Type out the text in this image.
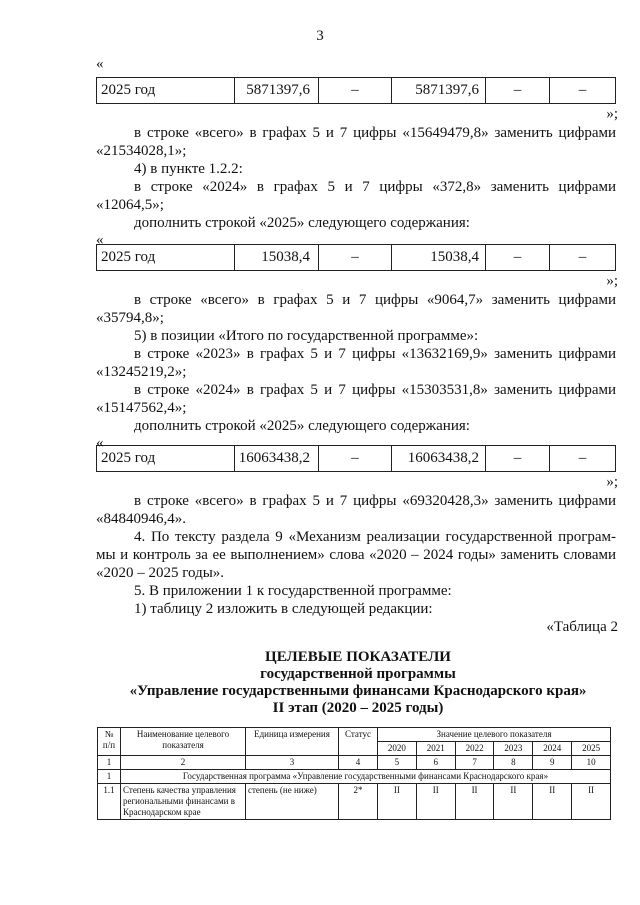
3
«
2025 год	5871397,6	–	5871397,6	–	–
»;
в строке «всего» в графах 5 и 7 цифры «15649479,8» заменить цифрами
«21534028,1»;
4) в пункте 1.2.2:
в строке «2024» в графах 5 и 7 цифры «372,8» заменить цифрами
«12064,5»;
дополнить строкой «2025» следующего содержания:
«
2025 год	15038,4	–	15038,4	–	–
»;
в строке «всего» в графах 5 и 7 цифры «9064,7» заменить цифрами
«35794,8»;
5) в позиции «Итого по государственной программе»:
в строке «2023» в графах 5 и 7 цифры «13632169,9» заменить цифрами
«13245219,2»;
в строке «2024» в графах 5 и 7 цифры «15303531,8» заменить цифрами
«15147562,4»;
дополнить строкой «2025» следующего содержания:
«
2025 год	16063438,2	–	16063438,2	–	–
»;
в строке «всего» в графах 5 и 7 цифры «69320428,3» заменить цифрами
«84840946,4».
4. По тексту раздела 9 «Механизм реализации государственной програм-
мы и контроль за ее выполнением» слова «2020 – 2024 годы» заменить словами
«2020 – 2025 годы».
5. В приложении 1 к государственной программе:
1) таблицу 2 изложить в следующей редакции:
«Таблица 2
ЦЕЛЕВЫЕ ПОКАЗАТЕЛИ
государственной программы
«Управление государственными финансами Краснодарского края»
II этап (2020 – 2025 годы)
№ п/п	Наименование целевого показателя	Единица измерения	Статус	Значение целевого показателя					
				2020	2021	2022	2023	2024	2025
1	2	3	4	5	6	7	8	9	10
1	Государственная программа «Управление государственными финансами Краснодарского края»								
1.1	Степень качества управления региональными финансами в Краснодарском крае	степень (не ниже)	2*	II	II	II	II	II	II
